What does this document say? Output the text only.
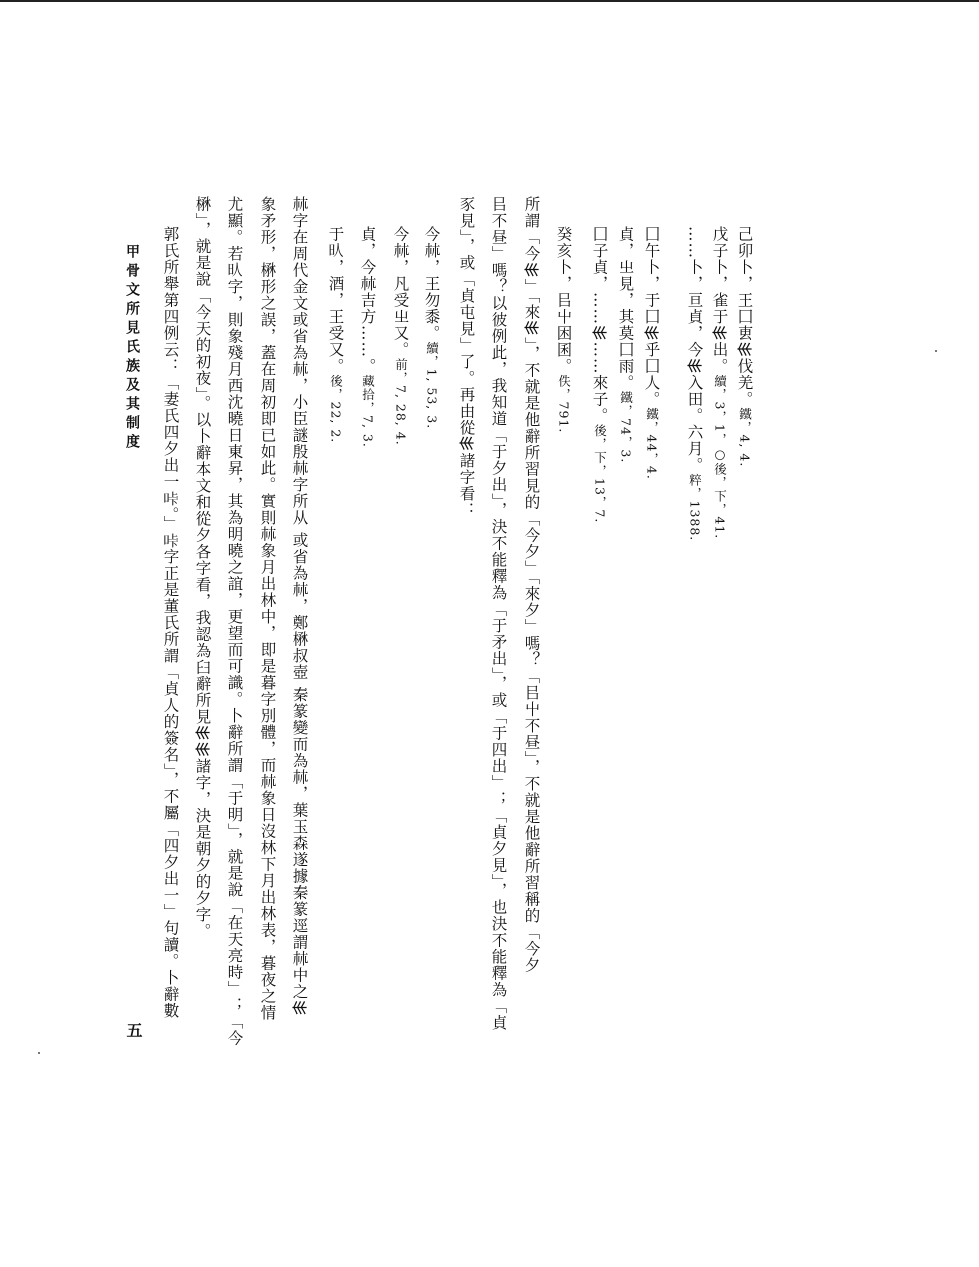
甲骨文所見氏族及其制度
五
己卯卜，王囗叀𡿧伐羌。鐵，4, 4.
戊子卜，雀于𡿧出。續，3，1，○後，下，41.
……卜，亘貞，今𡿧入田。六月。粹，1388.
囗午卜，于囗𡿧乎囗人。鐵，44，4.
貞，㞢見，其莫囗雨。鐵，74，3.
囗子貞，……𡿧……來子。後，下，13，7.
癸亥卜，㠯屮困囷。佚，791.
所謂「今𡿧」「來𡿧」，不就是他辭所習見的「今夕」「來夕」嗎？「㠯屮不昼」，不就是他辭所習稱的「今夕
㠯不昼」嗎？以彼例此，我知道「于夕出」，決不能釋為「于矛出」，或「于四出」；「貞夕見」，也決不能釋為「貞
豕見」，或「貞屯見」了。再由從𡿧諸字看：
今𣏟，王勿黍。續，1, 53, 3.
今𣏟，凡受㞢又。前，7, 28, 4.
貞，今𣏟吉方……。藏拾，7, 3.
于𣅁，酒，王受又。後，22, 2.
𣏟字在周代金文或省為𣏟，小臣謎殷𣏟字所从 或省為𣏟，鄭楙叔壺 秦篆變而為𣏟，葉玉森遂據秦篆逕謂𣏟中之𡿧
象矛形，楙形之誤，蓋在周初即已如此。實則𣏟象月出林中，即是暮字別體，而𣏟象日沒林下月出林表，暮夜之情
尤顯。若𣅁字，則象殘月西沈曉日東昇，其為明曉之誼，更望而可識。卜辭所謂「于明」，就是說「在天亮時」；「今
楙」，就是說「今天的初夜」。以卜辭本文和從夕各字看，我認為臼辭所見𡿧𡿧諸字，決是朝夕的夕字。
郭氏所舉第四例云：「妻氏四夕出一𠱚。」𠱚字正是董氏所謂「貞人的簽名」，不屬「四夕出一」句讀。卜辭數
